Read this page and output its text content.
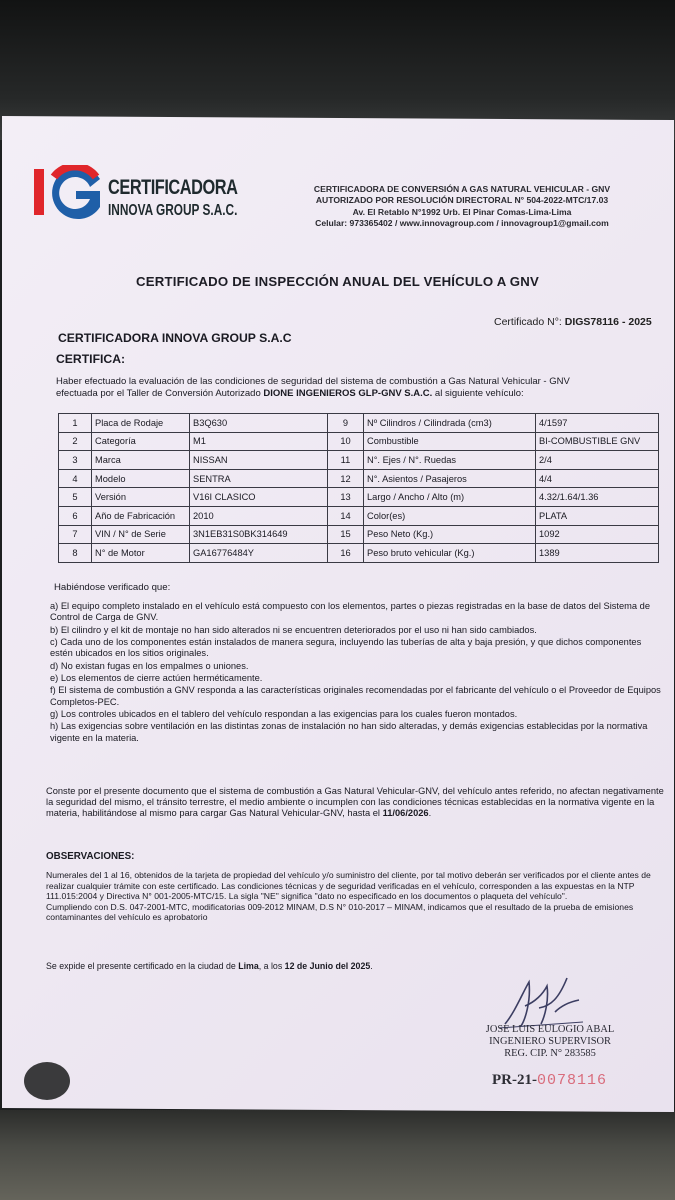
CERTIFICADORA
INNOVA GROUP S.A.C.
CERTIFICADORA DE CONVERSIÓN A GAS NATURAL VEHICULAR - GNV
AUTORIZADO POR RESOLUCIÓN DIRECTORAL N° 504-2022-MTC/17.03
Av. El Retablo N°1992 Urb. El Pinar Comas-Lima-Lima
Celular: 973365402 / www.innovagroup.com / innovagroup1@gmail.com
CERTIFICADO DE INSPECCIÓN ANUAL DEL VEHÍCULO A GNV
Certificado N°: DIGS78116 - 2025
CERTIFICADORA INNOVA GROUP S.A.C
CERTIFICA:
Haber efectuado la evaluación de las condiciones de seguridad del sistema de combustión a Gas Natural Vehicular - GNV
efectuada por el Taller de Conversión Autorizado DIONE INGENIEROS GLP-GNV S.A.C. al siguiente vehículo:
1	Placa de Rodaje	B3Q630	9	Nº Cilindros / Cilindrada (cm3)	4/1597
2	Categoría	M1	10	Combustible	BI-COMBUSTIBLE GNV
3	Marca	NISSAN	11	N°. Ejes / N°. Ruedas	2/4
4	Modelo	SENTRA	12	N°. Asientos / Pasajeros	4/4
5	Versión	V16I CLASICO	13	Largo / Ancho / Alto (m)	4.32/1.64/1.36
6	Año de Fabricación	2010	14	Color(es)	PLATA
7	VIN / N° de Serie	3N1EB31S0BK314649	15	Peso Neto (Kg.)	1092
8	N° de Motor	GA16776484Y	16	Peso bruto vehicular (Kg.)	1389
Habiéndose verificado que:

a) El equipo completo instalado en el vehículo está compuesto con los elementos, partes o piezas registradas en la base de datos del Sistema de Control de Carga de GNV.

b) El cilindro y el kit de montaje no han sido alterados ni se encuentren deteriorados por el uso ni han sido cambiados.

c) Cada uno de los componentes están instalados de manera segura, incluyendo las tuberías de alta y baja presión, y que dichos componentes estén ubicados en los sitios originales.

d) No existan fugas en los empalmes o uniones.

e) Los elementos de cierre actúen herméticamente.

f) El sistema de combustión a GNV responda a las características originales recomendadas por el fabricante del vehículo o el Proveedor de Equipos Completos-PEC.

g) Los controles ubicados en el tablero del vehículo respondan a las exigencias para los cuales fueron montados.

h) Las exigencias sobre ventilación en las distintas zonas de instalación no han sido alteradas, y demás exigencias establecidas por la normativa vigente en la materia.

Conste por el presente documento que el sistema de combustión a Gas Natural Vehicular-GNV, del vehículo antes referido, no afectan negativamente la seguridad del mismo, el tránsito terrestre, el medio ambiente o incumplen con las condiciones técnicas establecidas en la normativa vigente en la materia, habilitándose al mismo para cargar Gas Natural Vehicular-GNV, hasta el 11/06/2026.
OBSERVACIONES:
Numerales del 1 al 16, obtenidos de la tarjeta de propiedad del vehículo y/o suministro del cliente, por tal motivo deberán ser verificados por el cliente antes de realizar cualquier trámite con este certificado. Las condiciones técnicas y de seguridad verificadas en el vehículo, corresponden a las expuestas en la NTP 111.015:2004 y Directiva N° 001-2005-MTC/15. La sigla "NE" significa "dato no especificado en los documentos o plaqueta del vehículo".
Cumpliendo con D.S. 047-2001-MTC, modificatorias 009-2012 MINAM, D.S N° 010-2017 – MINAM, indicamos que el resultado de la prueba de emisiones contaminantes del vehículo es aprobatorio
Se expide el presente certificado en la ciudad de Lima, a los 12 de Junio del 2025.
JOSE LUIS EULOGIO ABAL
INGENIERO SUPERVISOR
REG. CIP. N° 283585
PR-21-0078116
